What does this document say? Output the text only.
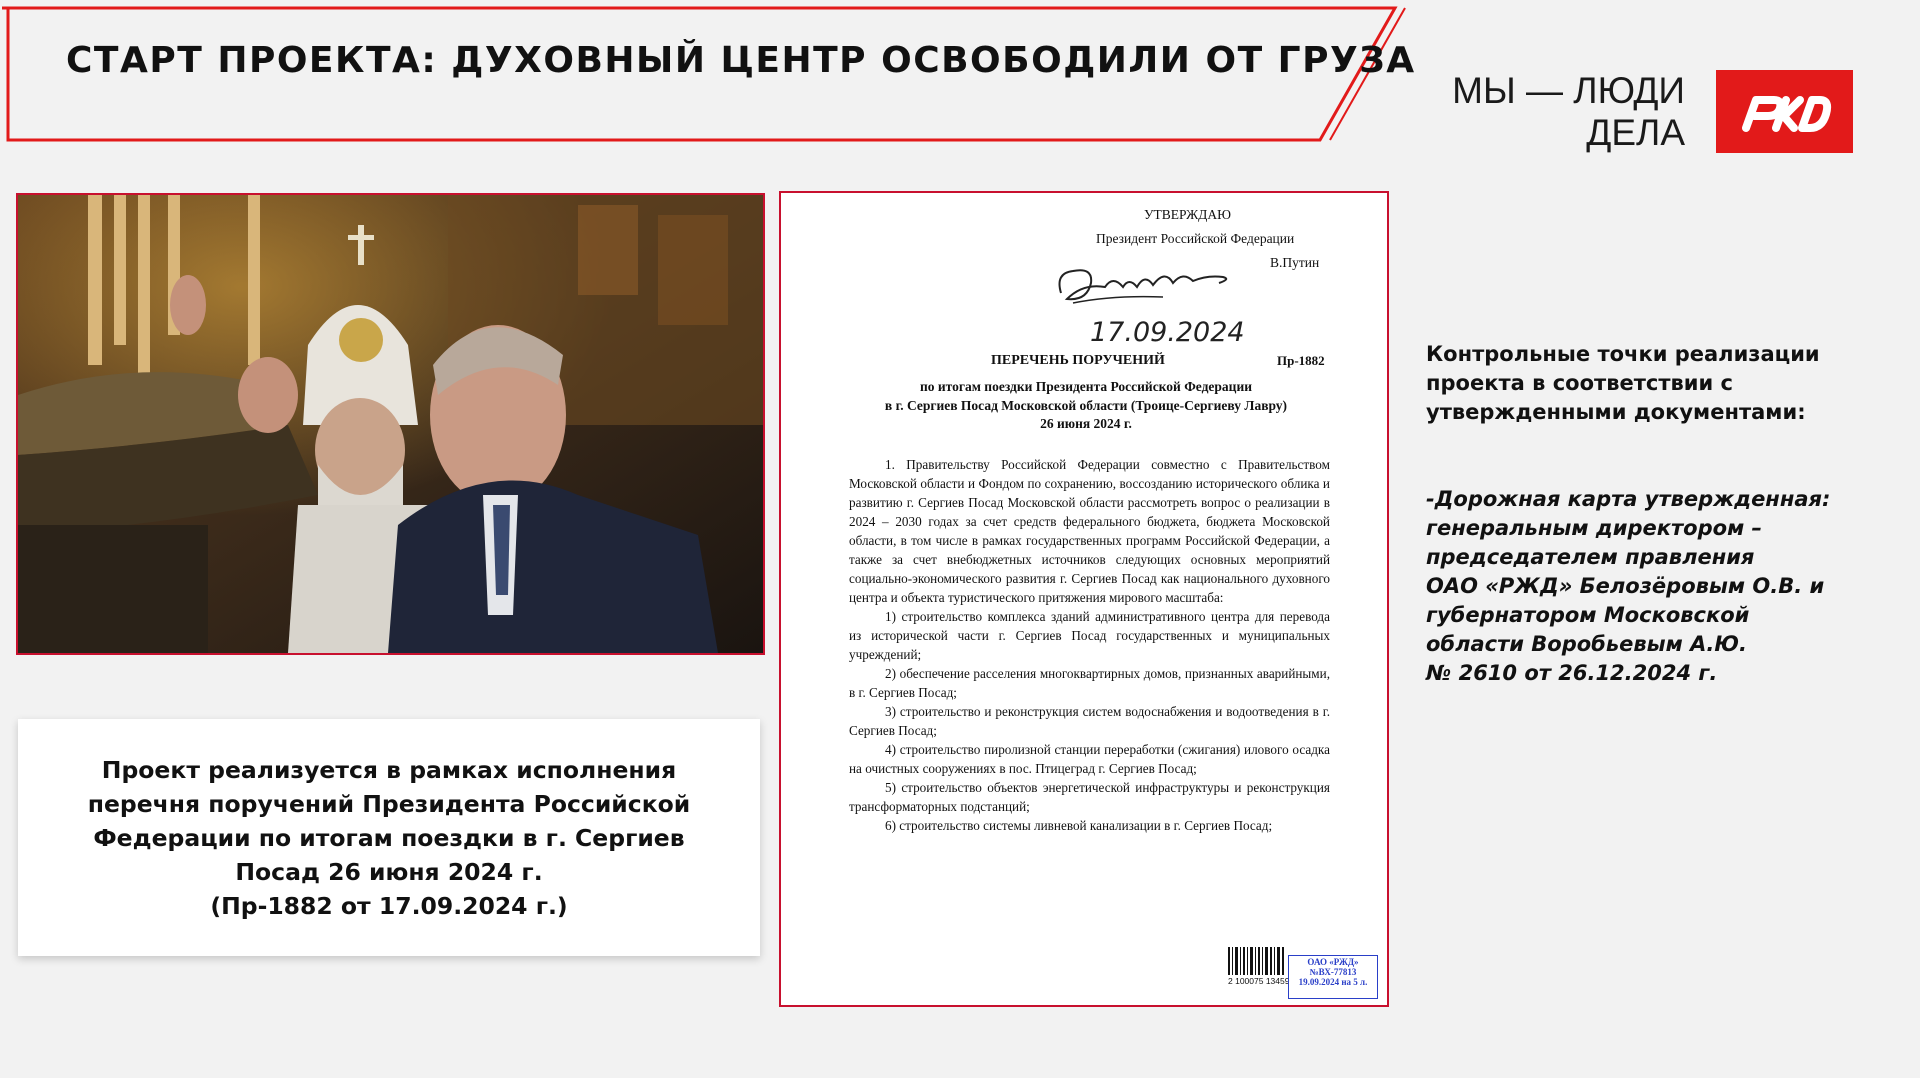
СТАРТ ПРОЕКТА: ДУХОВНЫЙ ЦЕНТР ОСВОБОДИЛИ ОТ ГРУЗА
МЫ — ЛЮДИ
ДЕЛА
Проект реализуется в рамках исполнения
перечня поручений Президента Российской
Федерации по итогам поездки в г. Сергиев
Посад 26 июня 2024 г.
(Пр-1882 от 17.09.2024 г.)
УТВЕРЖДАЮ
Президент Российской Федерации
В.Путин
17.09.2024
ПЕРЕЧЕНЬ ПОРУЧЕНИЙ	Пр-1882
по итогам поездки Президента Российской Федерации
в г. Сергиев Посад Московской области (Троице-Сергиеву Лавру)
26 июня 2024 г.

1. Правительству Российской Федерации совместно с Правительством Московской области и Фондом по сохранению, воссозданию исторического облика и развитию г. Сергиев Посад Московской области рассмотреть вопрос о реализации в 2024 – 2030 годах за счет средств федерального бюджета, бюджета Московской области, в том числе в рамках государственных программ Российской Федерации, а также за счет внебюджетных источников следующих основных мероприятий социально-экономического развития г. Сергиев Посад как национального духовного центра и объекта туристического притяжения мирового масштаба:

1) строительство комплекса зданий административного центра для перевода из исторической части г. Сергиев Посад государственных и муниципальных учреждений;

2) обеспечение расселения многоквартирных домов, признанных аварийными, в г. Сергиев Посад;

3) строительство и реконструкция систем водоснабжения и водоотведения в г. Сергиев Посад;

4) строительство пиролизной станции переработки (сжигания) илового осадка на очистных сооружениях в пос. Птицеград г. Сергиев Посад;

5) строительство объектов энергетической инфраструктуры и реконструкция трансформаторных подстанций;

6) строительство системы ливневой канализации в г. Сергиев Посад;

2 100075 13459
ОАО «РЖД»
№ВХ-77813
19.09.2024 на 5 л.
Контрольные точки реализации
проекта в соответствии с
утвержденными документами:
-Дорожная карта утвержденная:
генеральным директором –
председателем правления
ОАО «РЖД» Белозёровым О.В. и
губернатором Московской
области Воробьевым А.Ю.
№ 2610 от 26.12.2024 г.
